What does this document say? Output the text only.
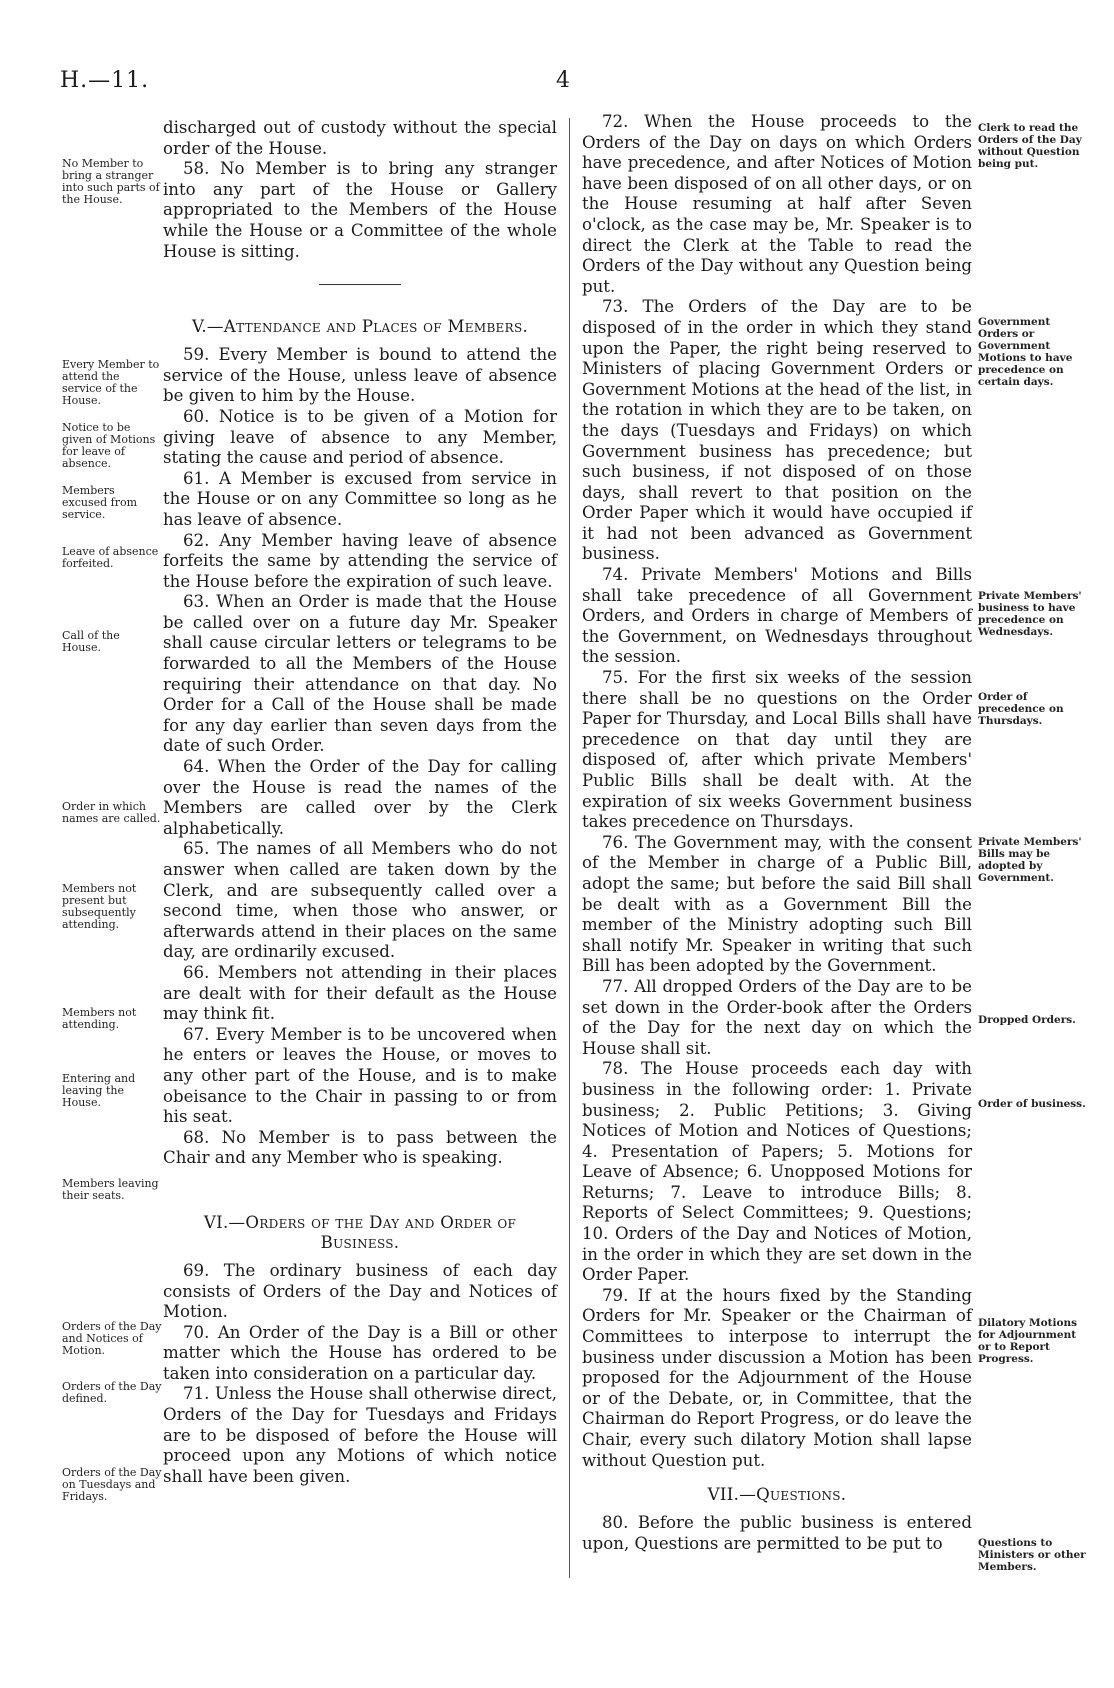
H.—11.	4
No Member to bring a stranger into such parts of the House.
Every Member to attend the service of the House.
Notice to be given of Motions for leave of absence.
Members excused from service.
Leave of absence forfeited.
Call of the House.
Order in which names are called.
Members not present but subsequently attending.
Members not attending.
Entering and leaving the House.
Members leaving their seats.
Orders of the Day and Notices of Motion.
Orders of the Day defined.
Orders of the Day on Tuesdays and Fridays.

discharged out of custody without the special order of the House.

58. No Member is to bring any stranger into any part of the House or Gallery appropriated to the Members of the House while the House or a Committee of the whole House is sitting.

V.—Attendance and Places of Members.

59. Every Member is bound to attend the service of the House, unless leave of absence be given to him by the House.

60. Notice is to be given of a Motion for giving leave of absence to any Member, stating the cause and period of absence.

61. A Member is excused from service in the House or on any Committee so long as he has leave of absence.

62. Any Member having leave of absence forfeits the same by attending the service of the House before the expiration of such leave.

63. When an Order is made that the House be called over on a future day Mr. Speaker shall cause circular letters or telegrams to be forwarded to all the Members of the House requiring their attendance on that day. No Order for a Call of the House shall be made for any day earlier than seven days from the date of such Order.

64. When the Order of the Day for calling over the House is read the names of the Members are called over by the Clerk alphabetically.

65. The names of all Members who do not answer when called are taken down by the Clerk, and are subsequently called over a second time, when those who answer, or afterwards attend in their places on the same day, are ordinarily excused.

66. Members not attending in their places are dealt with for their default as the House may think fit.

67. Every Member is to be uncovered when he enters or leaves the House, or moves to any other part of the House, and is to make obeisance to the Chair in passing to or from his seat.

68. No Member is to pass between the Chair and any Member who is speaking.

VI.—Orders of the Day and Order of Business.

69. The ordinary business of each day consists of Orders of the Day and Notices of Motion.

70. An Order of the Day is a Bill or other matter which the House has ordered to be taken into consideration on a particular day.

71. Unless the House shall otherwise direct, Orders of the Day for Tuesdays and Fridays are to be disposed of before the House will proceed upon any Motions of which notice shall have been given.

72. When the House proceeds to the Orders of the Day on days on which Orders have precedence, and after Notices of Motion have been disposed of on all other days, or on the House resuming at half after Seven o'clock, as the case may be, Mr. Speaker is to direct the Clerk at the Table to read the Orders of the Day without any Question being put.

73. The Orders of the Day are to be disposed of in the order in which they stand upon the Paper, the right being reserved to Ministers of placing Government Orders or Government Motions at the head of the list, in the rotation in which they are to be taken, on the days (Tuesdays and Fridays) on which Government business has precedence; but such business, if not disposed of on those days, shall revert to that position on the Order Paper which it would have occupied if it had not been advanced as Government business.

74. Private Members' Motions and Bills shall take precedence of all Government Orders, and Orders in charge of Members of the Government, on Wednesdays throughout the session.

75. For the first six weeks of the session there shall be no questions on the Order Paper for Thursday, and Local Bills shall have precedence on that day until they are disposed of, after which private Members' Public Bills shall be dealt with. At the expiration of six weeks Government business takes precedence on Thursdays.

76. The Government may, with the consent of the Member in charge of a Public Bill, adopt the same; but before the said Bill shall be dealt with as a Government Bill the member of the Ministry adopting such Bill shall notify Mr. Speaker in writing that such Bill has been adopted by the Government.

77. All dropped Orders of the Day are to be set down in the Order-book after the Orders of the Day for the next day on which the House shall sit.

78. The House proceeds each day with business in the following order: 1. Private business; 2. Public Petitions; 3. Giving Notices of Motion and Notices of Questions; 4. Presentation of Papers; 5. Motions for Leave of Absence; 6. Unopposed Motions for Returns; 7. Leave to introduce Bills; 8. Reports of Select Committees; 9. Questions; 10. Orders of the Day and Notices of Motion, in the order in which they are set down in the Order Paper.

79. If at the hours fixed by the Standing Orders for Mr. Speaker or the Chairman of Committees to interpose to interrupt the business under discussion a Motion has been proposed for the Adjournment of the House or of the Debate, or, in Committee, that the Chairman do Report Progress, or do leave the Chair, every such dilatory Motion shall lapse without Question put.

VII.—Questions.

80. Before the public business is entered upon, Questions are permitted to be put to

Clerk to read the Orders of the Day without Question being put.
Government Orders or Government Motions to have precedence on certain days.
Private Members' business to have precedence on Wednesdays.
Order of precedence on Thursdays.
Private Members' Bills may be adopted by Government.
Dropped Orders.
Order of business.
Dilatory Motions for Adjournment or to Report Progress.
Questions to Ministers or other Members.
